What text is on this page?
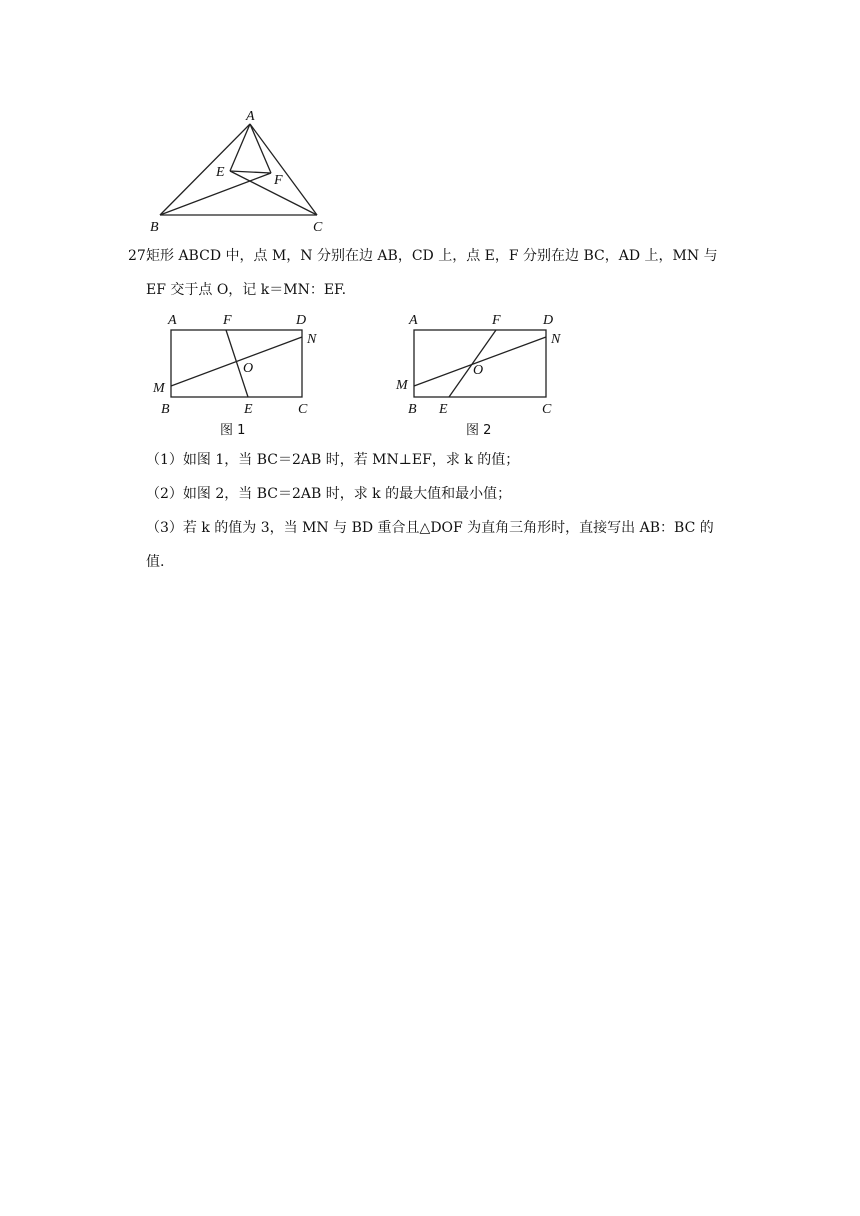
A
E
F
B	C
27.
矩形 ABCD 中，点 M，N 分别在边 AB，CD 上，点 E，F 分别在边 BC，AD 上，MN 与
EF 交于点 O，记 k＝MN：EF.
A	F	D
N
O
M
B	E	C
图 1
A	F	D
N
O
M
B E	C
图 2
（1）如图 1，当 BC＝2AB 时，若 MN⊥EF，求 k 的值；
（2）如图 2，当 BC＝2AB 时，求 k 的最大值和最小值；
（3）若 k 的值为 3，当 MN 与 BD 重合且△DOF 为直角三角形时，直接写出 AB：BC 的
值.
